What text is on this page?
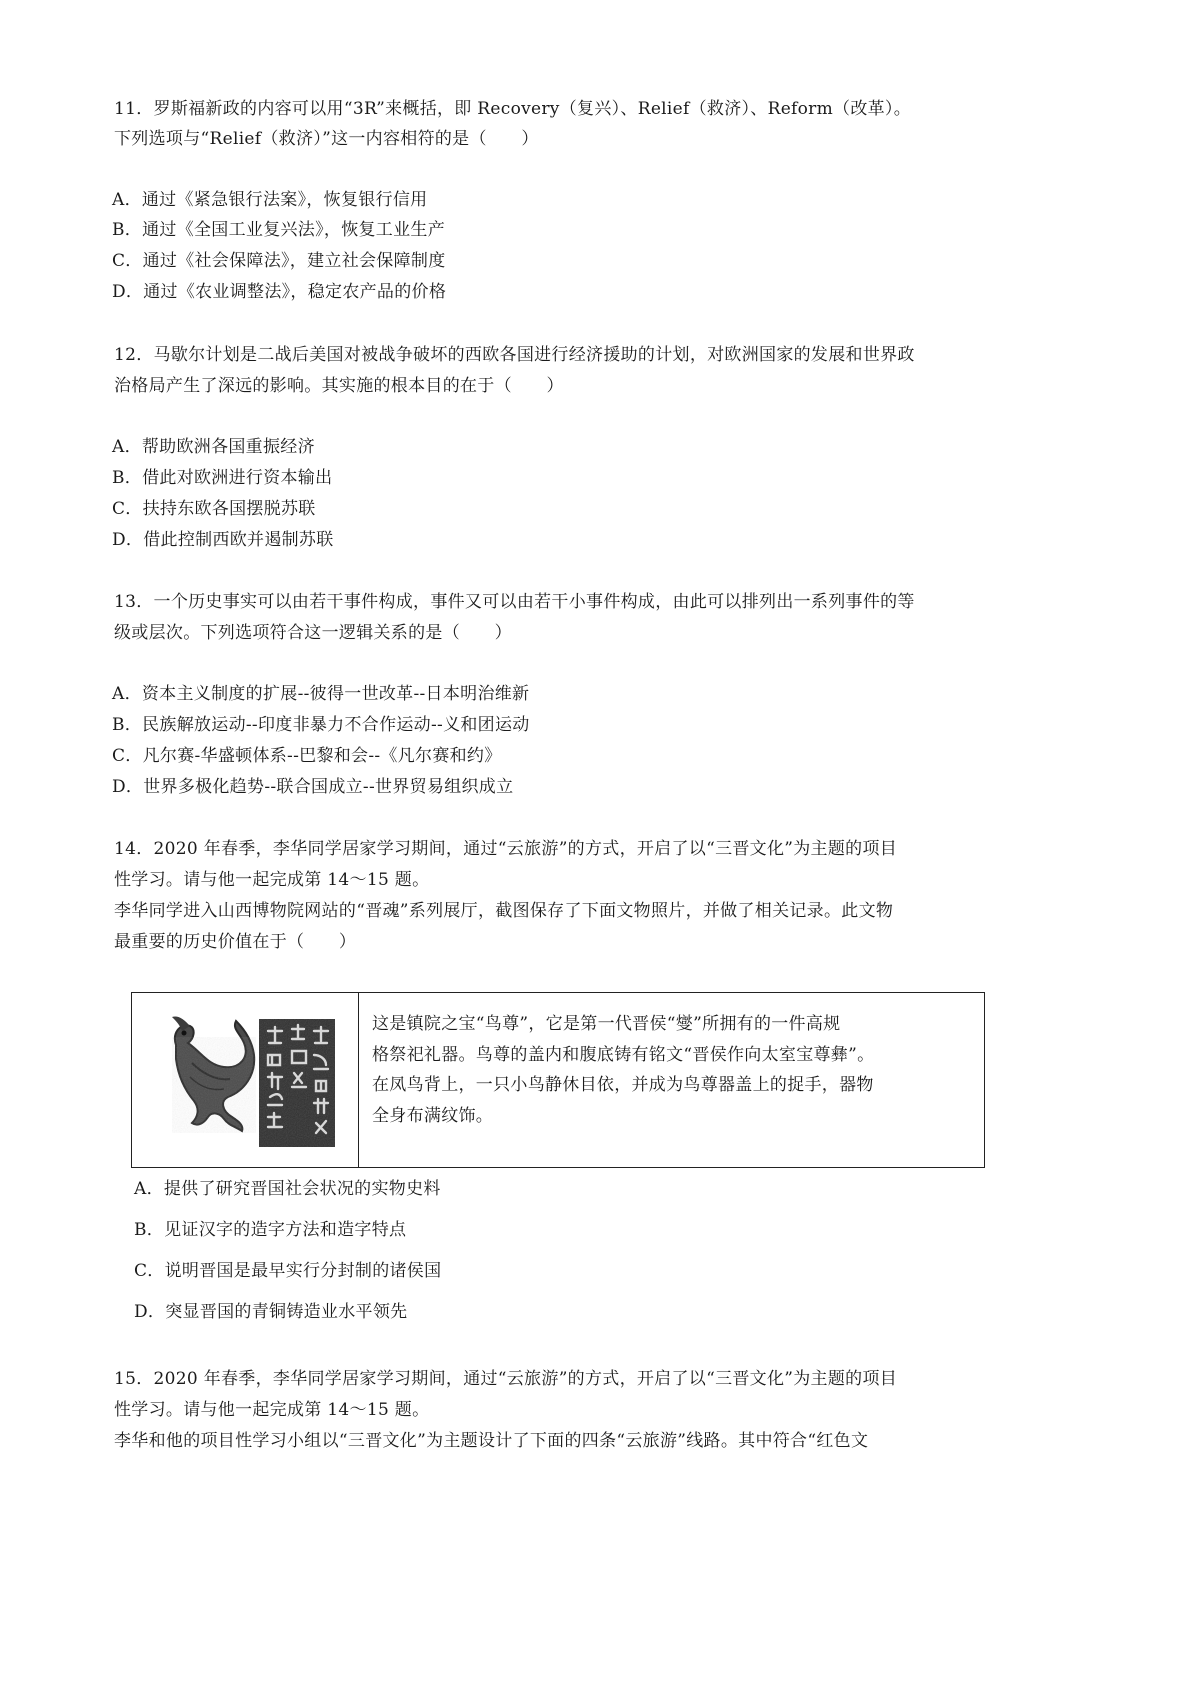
11．罗斯福新政的内容可以用“3R”来概括，即 Recovery（复兴）、Relief（救济）、Reform（改革）。
下列选项与“Relief（救济）”这一内容相符的是（　　）
A．通过《紧急银行法案》，恢复银行信用
B．通过《全国工业复兴法》，恢复工业生产
C．通过《社会保障法》，建立社会保障制度
D．通过《农业调整法》，稳定农产品的价格
12．马歇尔计划是二战后美国对被战争破坏的西欧各国进行经济援助的计划，对欧洲国家的发展和世界政
治格局产生了深远的影响。其实施的根本目的在于（　　）
A．帮助欧洲各国重振经济
B．借此对欧洲进行资本输出
C．扶持东欧各国摆脱苏联
D．借此控制西欧并遏制苏联
13．一个历史事实可以由若干事件构成，事件又可以由若干小事件构成，由此可以排列出一系列事件的等
级或层次。下列选项符合这一逻辑关系的是（　　）
A．资本主义制度的扩展--彼得一世改革--日本明治维新
B．民族解放运动--印度非暴力不合作运动--义和团运动
C．凡尔赛-华盛顿体系--巴黎和会--《凡尔赛和约》
D．世界多极化趋势--联合国成立--世界贸易组织成立
14．2020 年春季，李华同学居家学习期间，通过“云旅游”的方式，开启了以“三晋文化”为主题的项目
性学习。请与他一起完成第 14～15 题。
李华同学进入山西博物院网站的“晋魂”系列展厅，截图保存了下面文物照片，并做了相关记录。此文物
最重要的历史价值在于（　　）
这是镇院之宝“鸟尊”，它是第一代晋侯“燮”所拥有的一件高规
格祭祀礼器。鸟尊的盖内和腹底铸有铭文“晋侯作向太室宝尊彝”。
在凤鸟背上，一只小鸟静休目依，并成为鸟尊器盖上的捉手，器物
全身布满纹饰。
A．提供了研究晋国社会状况的实物史料
B．见证汉字的造字方法和造字特点
C．说明晋国是最早实行分封制的诸侯国
D．突显晋国的青铜铸造业水平领先
15．2020 年春季，李华同学居家学习期间，通过“云旅游”的方式，开启了以“三晋文化”为主题的项目
性学习。请与他一起完成第 14～15 题。
李华和他的项目性学习小组以“三晋文化”为主题设计了下面的四条“云旅游”线路。其中符合“红色文
